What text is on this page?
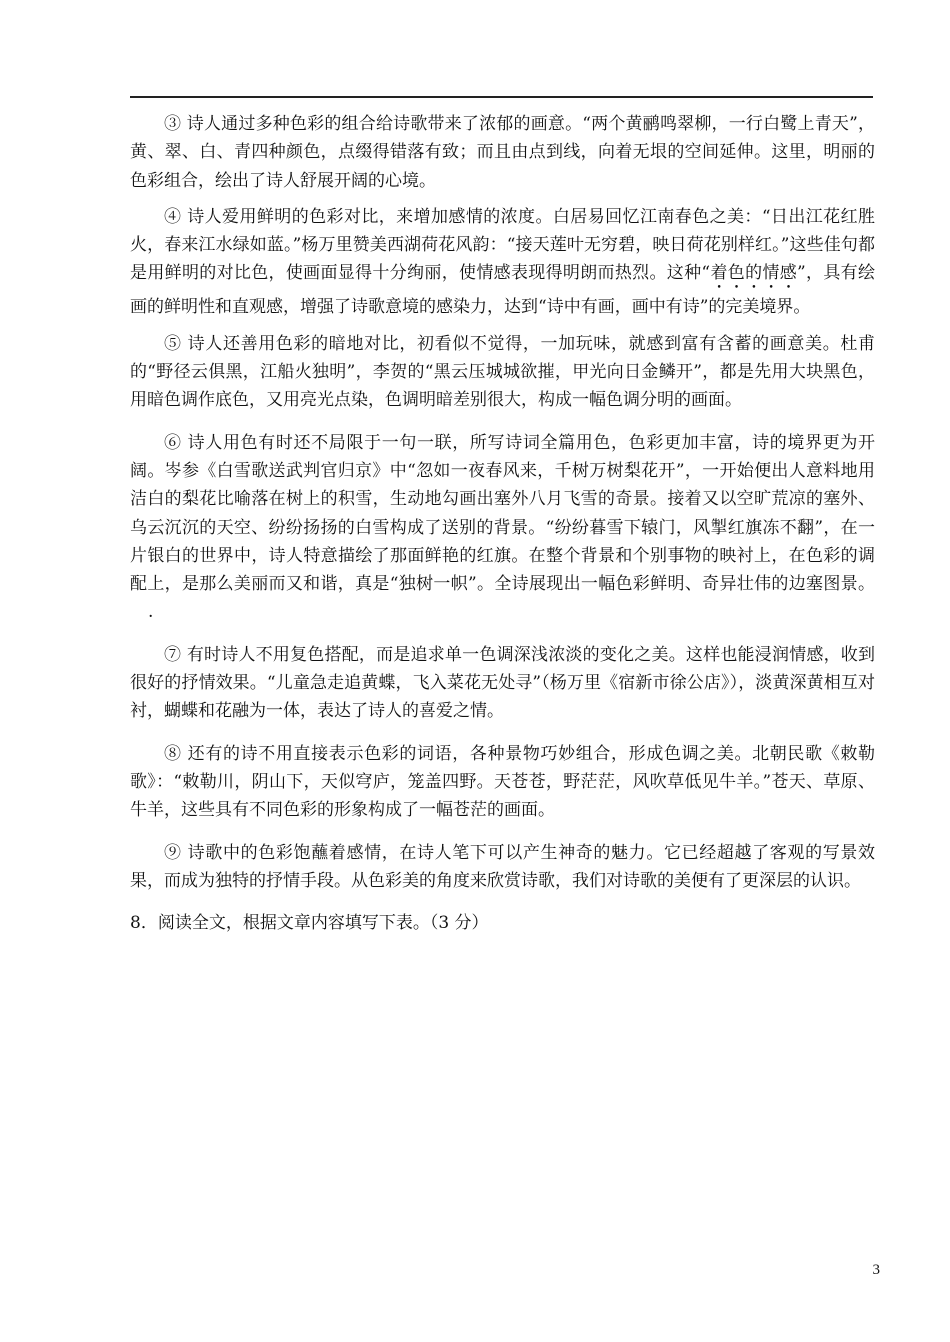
③ 诗人通过多种色彩的组合给诗歌带来了浓郁的画意。“两个黄鹂鸣翠柳，一行白鹭上青天”，黄、翠、白、青四种颜色，点缀得错落有致；而且由点到线，向着无垠的空间延伸。这里，明丽的色彩组合，绘出了诗人舒展开阔的心境。

④ 诗人爱用鲜明的色彩对比，来增加感情的浓度。白居易回忆江南春色之美：“日出江花红胜火，春来江水绿如蓝。”杨万里赞美西湖荷花风韵：“接天莲叶无穷碧，映日荷花别样红。”这些佳句都是用鲜明的对比色，使画面显得十分绚丽，使情感表现得明朗而热烈。这种“着色的情感”，具有绘画的鲜明性和直观感，增强了诗歌意境的感染力，达到“诗中有画，画中有诗”的完美境界。

⑤ 诗人还善用色彩的暗地对比，初看似不觉得，一加玩味，就感到富有含蓄的画意美。杜甫的“野径云俱黑，江船火独明”，李贺的“黑云压城城欲摧，甲光向日金鳞开”，都是先用大块黑色，用暗色调作底色，又用亮光点染，色调明暗差别很大，构成一幅色调分明的画面。

⑥ 诗人用色有时还不局限于一句一联，所写诗词全篇用色，色彩更加丰富，诗的境界更为开阔。岑参《白雪歌送武判官归京》中“忽如一夜春风来，千树万树梨花开”，一开始便出人意料地用洁白的梨花比喻落在树上的积雪，生动地勾画出塞外八月飞雪的奇景。接着又以空旷荒凉的塞外、乌云沉沉的天空、纷纷扬扬的白雪构成了送别的背景。“纷纷暮雪下辕门，风掣红旗冻不翻”，在一片银白的世界中，诗人特意描绘了那面鲜艳的红旗。在整个背景和个别事物的映衬上，在色彩的调配上，是那么美丽而又和谐，真是“独树一帜”。全诗展现出一幅色彩鲜明、奇异壮伟的边塞图景。.

⑦ 有时诗人不用复色搭配，而是追求单一色调深浅浓淡的变化之美。这样也能浸润情感，收到很好的抒情效果。“儿童急走追黄蝶，飞入菜花无处寻”（杨万里《宿新市徐公店》），淡黄深黄相互对衬，蝴蝶和花融为一体，表达了诗人的喜爱之情。

⑧ 还有的诗不用直接表示色彩的词语，各种景物巧妙组合，形成色调之美。北朝民歌《敕勒歌》：“敕勒川，阴山下，天似穹庐，笼盖四野。天苍苍，野茫茫，风吹草低见牛羊。”苍天、草原、牛羊，这些具有不同色彩的形象构成了一幅苍茫的画面。

⑨ 诗歌中的色彩饱蘸着感情，在诗人笔下可以产生神奇的魅力。它已经超越了客观的写景效果，而成为独特的抒情手段。从色彩美的角度来欣赏诗歌，我们对诗歌的美便有了更深层的认识。

8．阅读全文，根据文章内容填写下表。（3 分）

3
